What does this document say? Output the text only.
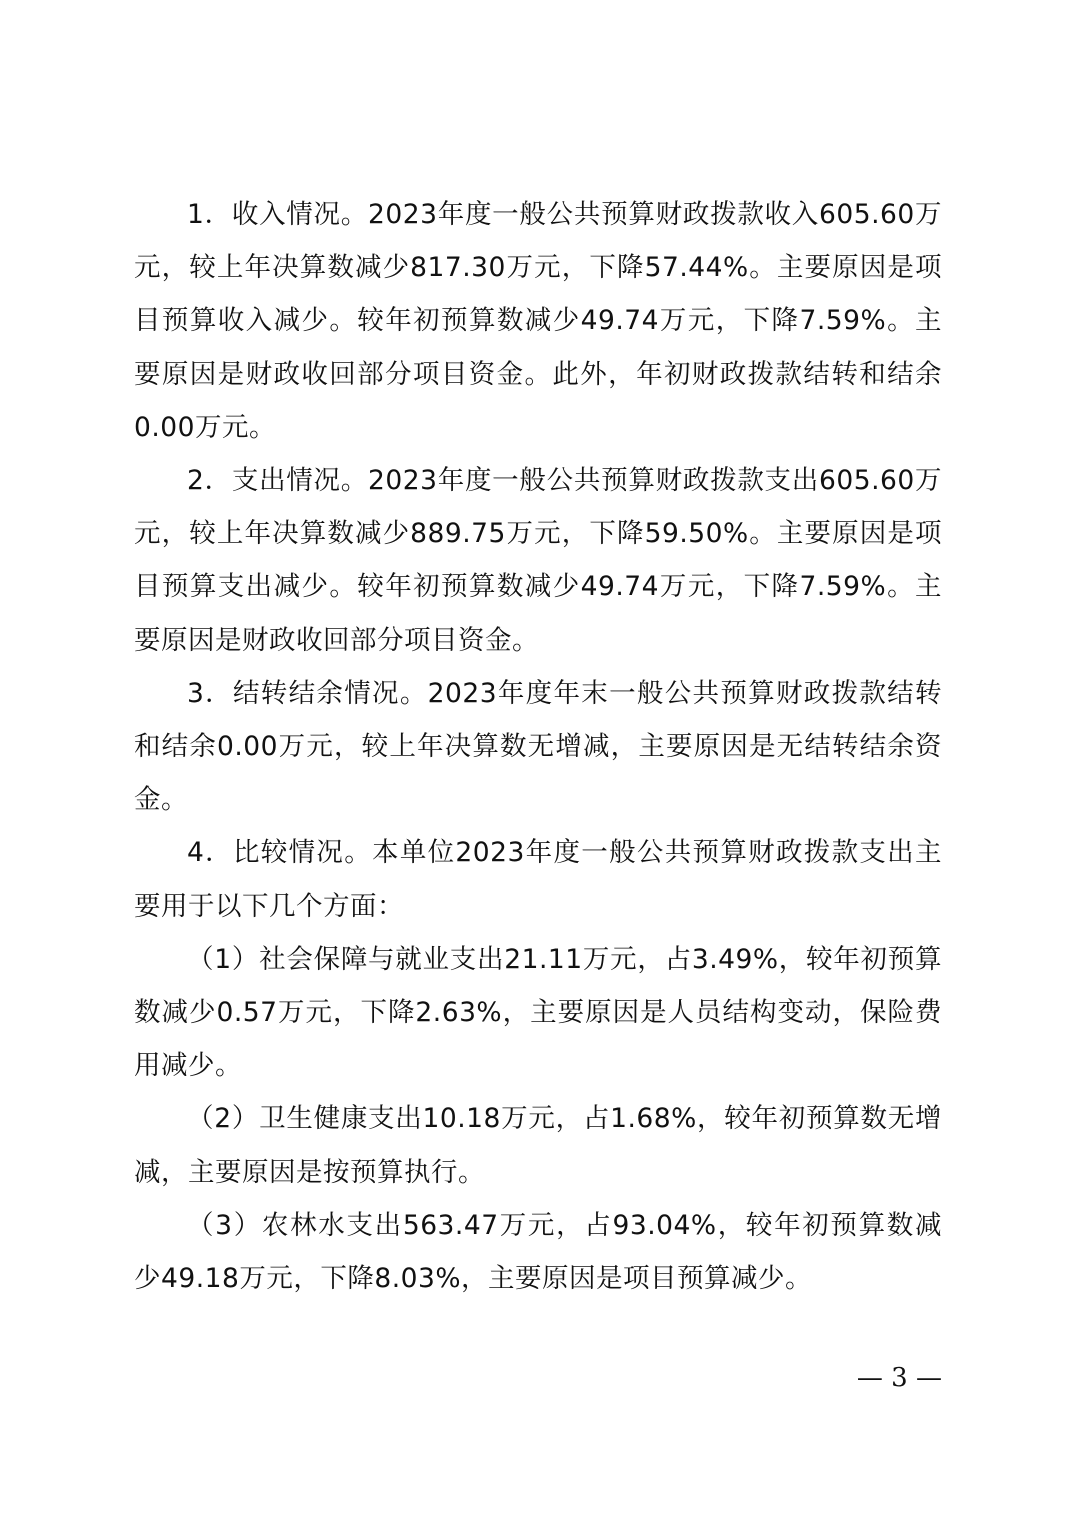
1．收入情况。2023年度一般公共预算财政拨款收入605.60万元，较上年决算数减少817.30万元，下降57.44%。主要原因是项目预算收入减少。较年初预算数减少49.74万元，下降7.59%。主要原因是财政收回部分项目资金。此外，年初财政拨款结转和结余0.00万元。

2．支出情况。2023年度一般公共预算财政拨款支出605.60万元，较上年决算数减少889.75万元，下降59.50%。主要原因是项目预算支出减少。较年初预算数减少49.74万元，下降7.59%。主要原因是财政收回部分项目资金。

3．结转结余情况。2023年度年末一般公共预算财政拨款结转和结余0.00万元，较上年决算数无增减，主要原因是无结转结余资金。

4．比较情况。本单位2023年度一般公共预算财政拨款支出主要用于以下几个方面：

（1）社会保障与就业支出21.11万元，占3.49%，较年初预算数减少0.57万元，下降2.63%，主要原因是人员结构变动，保险费用减少。

（2）卫生健康支出10.18万元，占1.68%，较年初预算数无增减，主要原因是按预算执行。

（3）农林水支出563.47万元，占93.04%，较年初预算数减少49.18万元，下降8.03%，主要原因是项目预算减少。

— 3 —
